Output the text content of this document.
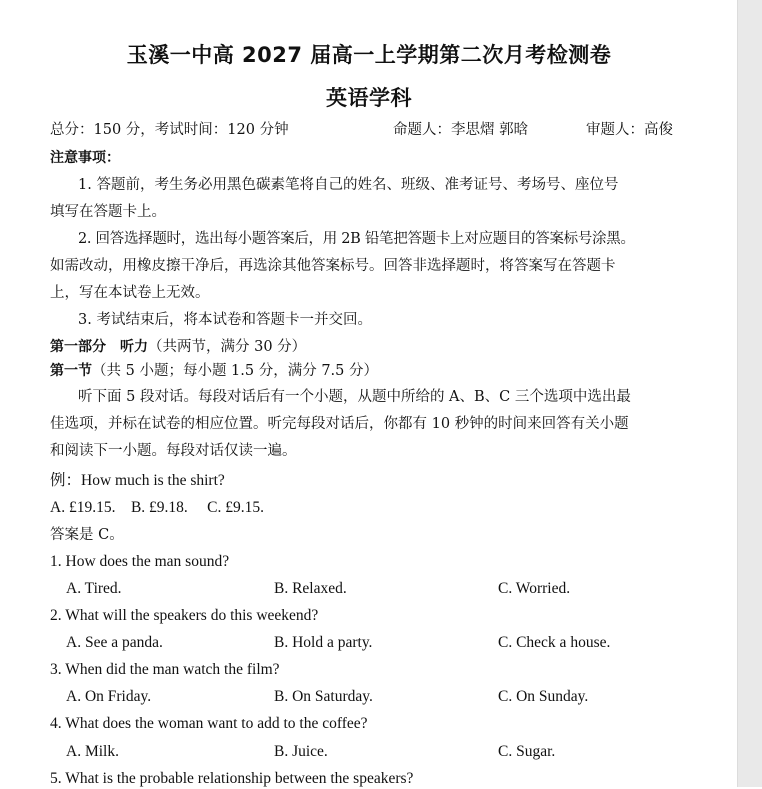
玉溪一中高 2027 届高一上学期第二次月考检测卷
英语学科
总分：150 分，考试时间：120 分钟	命题人：李思熠 郭晗	审题人：高俊
注意事项：
1. 答题前，考生务必用黑色碳素笔将自己的姓名、班级、准考证号、考场号、座位号
填写在答题卡上。
2. 回答选择题时，选出每小题答案后，用 2B 铅笔把答题卡上对应题目的答案标号涂黑。
如需改动，用橡皮擦干净后，再选涂其他答案标号。回答非选择题时，将答案写在答题卡
上，写在本试卷上无效。
3. 考试结束后，将本试卷和答题卡一并交回。
第一部分　听力（共两节，满分 30 分）
第一节（共 5 小题；每小题 1.5 分，满分 7.5 分）
听下面 5 段对话。每段对话后有一个小题，从题中所给的 A、B、C 三个选项中选出最
佳选项，并标在试卷的相应位置。听完每段对话后，你都有 10 秒钟的时间来回答有关小题
和阅读下一小题。每段对话仅读一遍。
例：How much is the shirt?
A. £19.15.　B. £9.18.　 C. £9.15.
答案是 C。
1. How does the man sound?
A. Tired.	B. Relaxed.	C. Worried.
2. What will the speakers do this weekend?
A. See a panda.	B. Hold a party.	C. Check a house.
3. When did the man watch the film?
A. On Friday.	B. On Saturday.	C. On Sunday.
4. What does the woman want to add to the coffee?
A. Milk.	B. Juice.	C. Sugar.
5. What is the probable relationship between the speakers?
